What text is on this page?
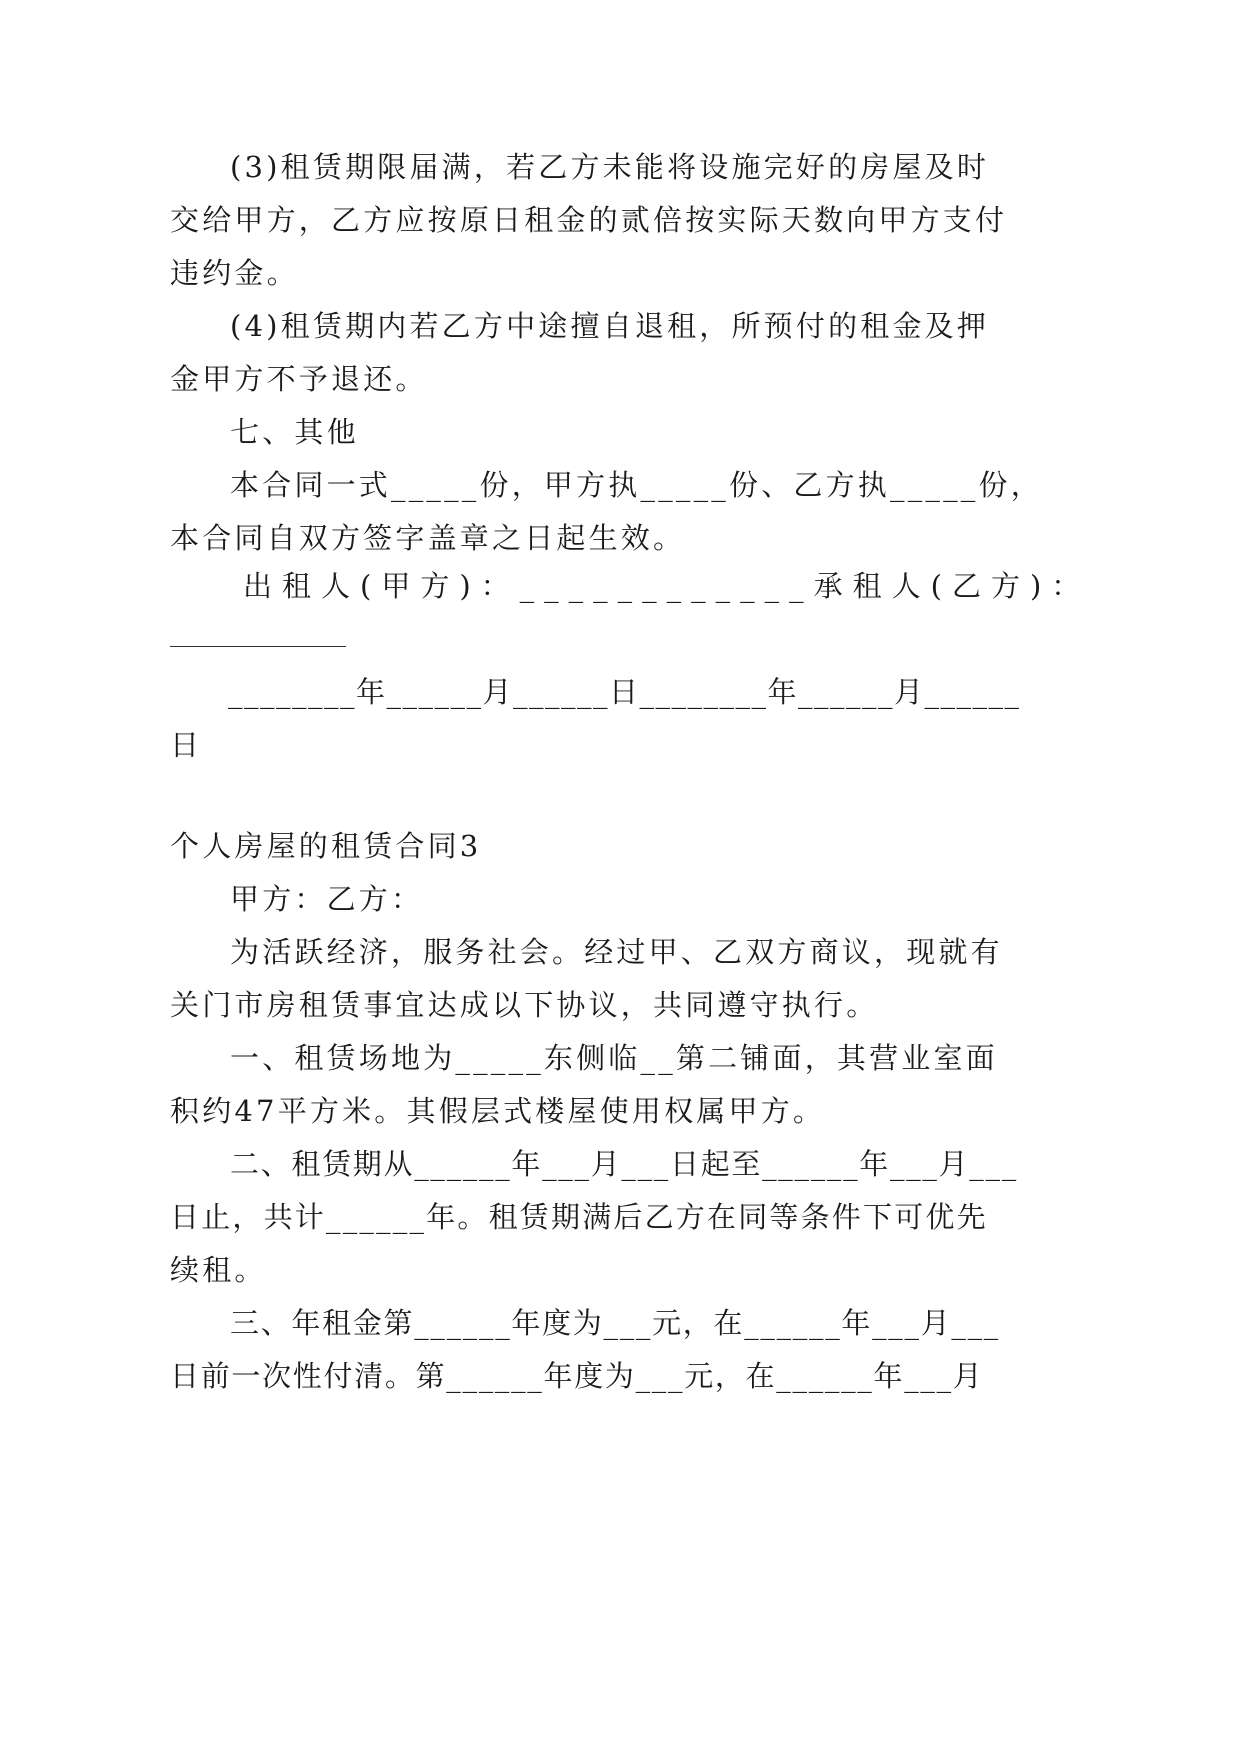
(3)租赁期限届满，若乙方未能将设施完好的房屋及时
交给甲方，乙方应按原日租金的贰倍按实际天数向甲方支付
违约金。
(4)租赁期内若乙方中途擅自退租，所预付的租金及押
金甲方不予退还。
七、其他
本合同一式_____份，甲方执_____份、乙方执_____份，
本合同自双方签字盖章之日起生效。
出租人(甲方)：____________承租人(乙方)：
________年______月______日________年______月______
日
个人房屋的租赁合同3
甲方：乙方：
为活跃经济，服务社会。经过甲、乙双方商议，现就有
关门市房租赁事宜达成以下协议，共同遵守执行。
一、租赁场地为_____东侧临__第二铺面，其营业室面
积约47平方米。其假层式楼屋使用权属甲方。
二、租赁期从______年___月___日起至______年___月___
日止，共计______年。租赁期满后乙方在同等条件下可优先
续租。
三、年租金第______年度为___元，在______年___月___
日前一次性付清。第______年度为___元，在______年___月
